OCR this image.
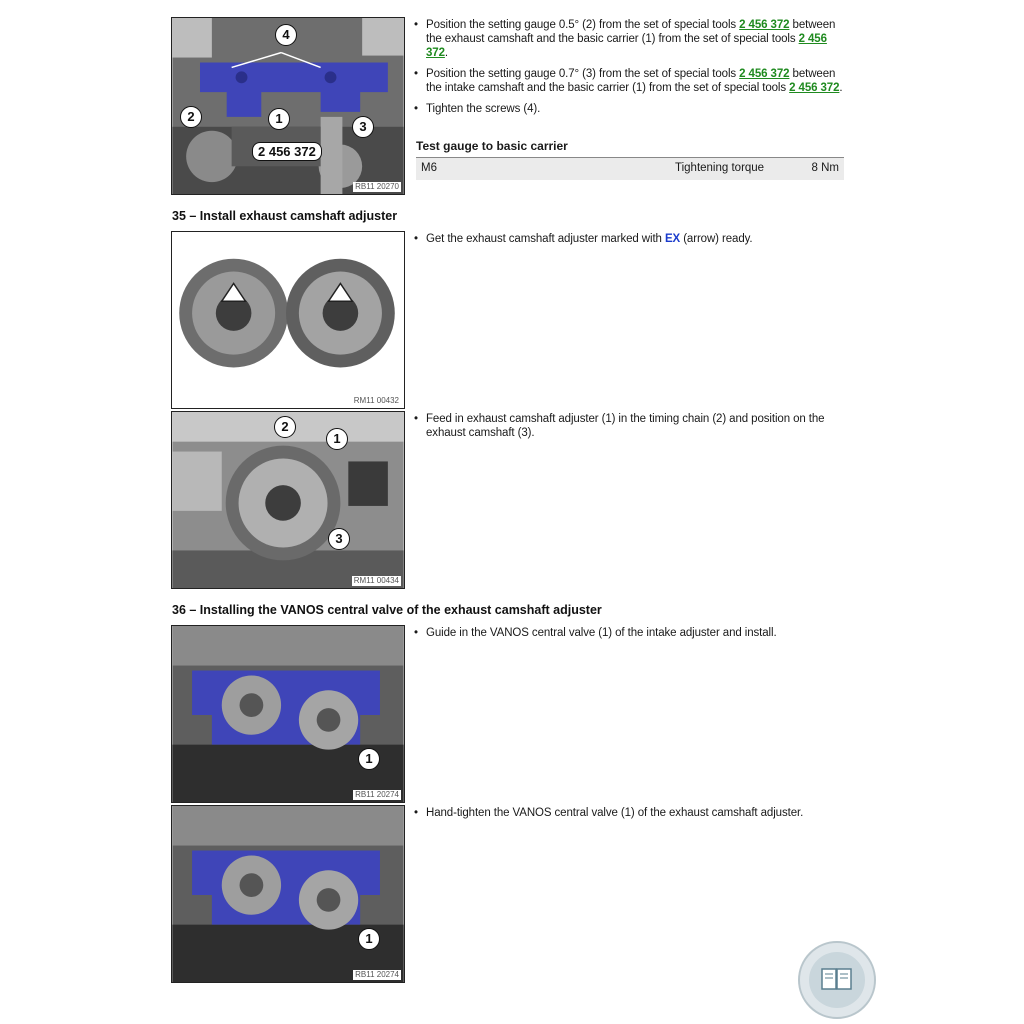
4
2	1
3
2 456 372
RB11 20270
• Position the setting gauge 0.5° (2) from the set of special tools 2 456 372 between the exhaust camshaft and the basic carrier (1) from the set of special tools 2 456 372.
• Position the setting gauge 0.7° (3) from the set of special tools 2 456 372 between the intake camshaft and the basic carrier (1) from the set of special tools 2 456 372.
• Tighten the screws (4).
Test gauge to basic carrier
M6	Tightening torque	8 Nm
35 – Install exhaust camshaft adjuster
RM11 00432
• Get the exhaust camshaft adjuster marked with EX (arrow) ready.
2
1
3
RM11 00434
• Feed in exhaust camshaft adjuster (1) in the timing chain (2) and position on the exhaust camshaft (3).
36 – Installing the VANOS central valve of the exhaust camshaft adjuster
1
RB11 20274
• Guide in the VANOS central valve (1) of the intake adjuster and install.
1
RB11 20274
• Hand-tighten the VANOS central valve (1) of the exhaust camshaft adjuster.
